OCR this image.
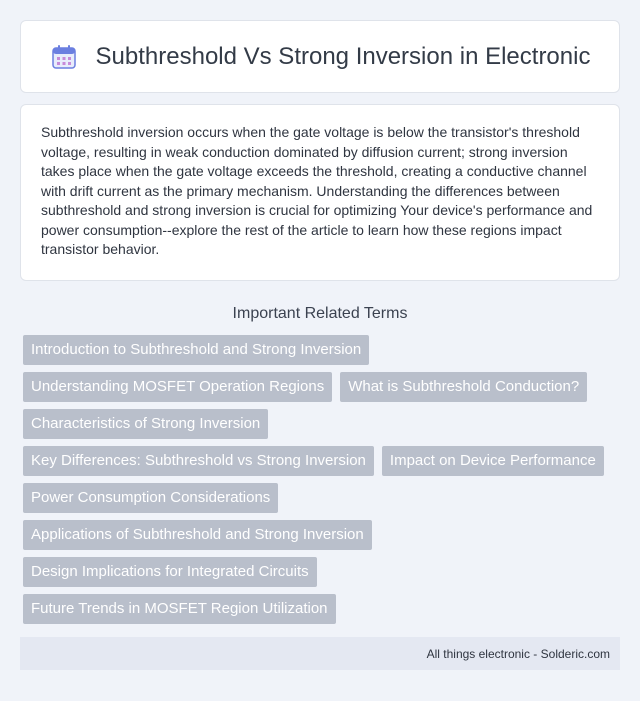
Subthreshold Vs Strong Inversion in Electronic

Subthreshold inversion occurs when the gate voltage is below the transistor's threshold voltage, resulting in weak conduction dominated by diffusion current; strong inversion takes place when the gate voltage exceeds the threshold, creating a conductive channel with drift current as the primary mechanism. Understanding the differences between subthreshold and strong inversion is crucial for optimizing Your device's performance and power consumption--explore the rest of the article to learn how these regions impact transistor behavior.

Important Related Terms
Introduction to Subthreshold and Strong Inversion
Understanding MOSFET Operation Regions	What is Subthreshold Conduction?
Characteristics of Strong Inversion
Key Differences: Subthreshold vs Strong Inversion	Impact on Device Performance
Power Consumption Considerations
Applications of Subthreshold and Strong Inversion
Design Implications for Integrated Circuits
Future Trends in MOSFET Region Utilization
All things electronic - Solderic.com
